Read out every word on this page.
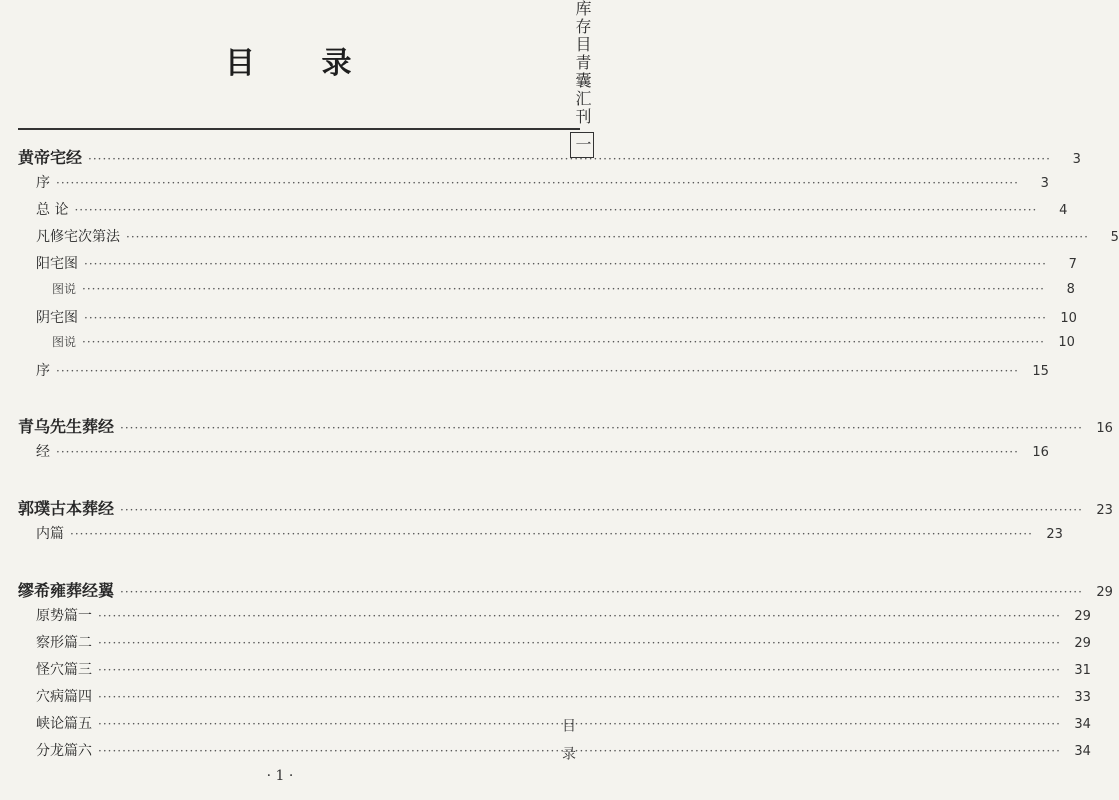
库存目青囊汇刊一
目 录
黄帝宅经 ········································································································································································································	3
序 ········································································································································································································	3
总 论 ········································································································································································································	4
凡修宅次第法 ········································································································································································································	5
阳宅图 ········································································································································································································	7
图说 ········································································································································································································	8
阴宅图 ········································································································································································································	10
图说 ········································································································································································································	10
序 ········································································································································································································	15
青乌先生葬经 ········································································································································································································	16
经 ········································································································································································································	16
郭璞古本葬经 ········································································································································································································	23
内篇 ········································································································································································································	23
缪希雍葬经翼 ········································································································································································································	29
原势篇一 ········································································································································································································	29
察形篇二 ········································································································································································································	29
怪穴篇三 ········································································································································································································	31
穴病篇四 ········································································································································································································	33
峡论篇五 ········································································································································································································	34
分龙篇六 ········································································································································································································	34
目录
· 1 ·
